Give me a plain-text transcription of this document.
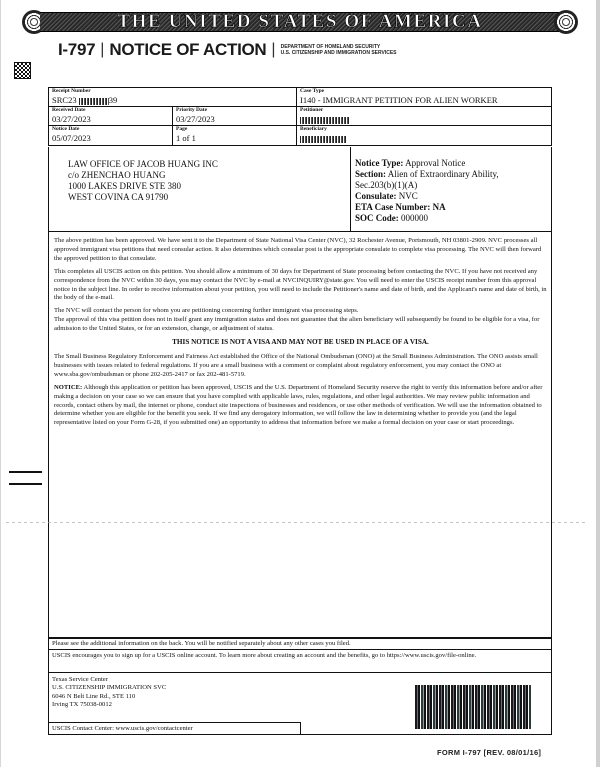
THE UNITED STATES OF AMERICA
I-797 | NOTICE OF ACTION | DEPARTMENT OF HOMELAND SECURITY
U.S. CITIZENSHIP AND IMMIGRATION SERVICES
Receipt Number
SRC23	39
Case Type
I140 - IMMIGRANT PETITION FOR ALIEN WORKER
Received Date
03/27/2023
Priority Date
03/27/2023
Petitioner
Notice Date
05/07/2023
Page
1 of 1
Beneficiary
LAW OFFICE OF JACOB HUANG INC
c/o ZHENCHAO HUANG
1000 LAKES DRIVE STE 380
WEST COVINA CA 91790
Notice Type: Approval Notice
Section: Alien of Extraordinary Ability,
Sec.203(b)(1)(A)
Consulate: NVC
ETA Case Number: NA
SOC Code: 000000

The above petition has been approved. We have sent it to the Department of State National Visa Center (NVC), 32 Rochester Avenue, Portsmouth, NH 03801-2909. NVC processes all approved immigrant visa petitions that need consular action. It also determines which consular post is the appropriate consulate to complete visa processing. The NVC will then forward the approved petition to that consulate.

This completes all USCIS action on this petition. You should allow a minimum of 30 days for Department of State processing before contacting the NVC. If you have not received any correspondence from the NVC within 30 days, you may contact the NVC by e-mail at NVCINQUIRY@state.gov. You will need to enter the USCIS receipt number from this approval notice in the subject line. In order to receive information about your petition, you will need to include the Petitioner's name and date of birth, and the Applicant's name and date of birth, in the body of the e-mail.

The NVC will contact the person for whom you are petitioning concerning further immigrant visa processing steps.

The approval of this visa petition does not in itself grant any immigration status and does not guarantee that the alien beneficiary will subsequently be found to be eligible for a visa, for admission to the United States, or for an extension, change, or adjustment of status.

THIS NOTICE IS NOT A VISA AND MAY NOT BE USED IN PLACE OF A VISA.

The Small Business Regulatory Enforcement and Fairness Act established the Office of the National Ombudsman (ONO) at the Small Business Administration. The ONO assists small businesses with issues related to federal regulations. If you are a small business with a comment or complaint about regulatory enforcement, you may contact the ONO at www.sba.gov/ombudsman or phone 202-205-2417 or fax 202-481-5719.

NOTICE: Although this application or petition has been approved, USCIS and the U.S. Department of Homeland Security reserve the right to verify this information before and/or after making a decision on your case so we can ensure that you have complied with applicable laws, rules, regulations, and other legal authorities. We may review public information and records, contact others by mail, the internet or phone, conduct site inspections of businesses and residences, or use other methods of verification. We will use the information obtained to determine whether you are eligible for the benefit you seek. If we find any derogatory information, we will follow the law in determining whether to provide you (and the legal representative listed on your Form G-28, if you submitted one) an opportunity to address that information before we make a formal decision on your case or start proceedings.

Please see the additional information on the back. You will be notified separately about any other cases you filed.
USCIS encourages you to sign up for a USCIS online account. To learn more about creating an account and the benefits, go to https://www.uscis.gov/file-online.
Texas Service Center
U.S. CITIZENSHIP IMMIGRATION SVC
6046 N Belt Line Rd., STE 110
Irving TX 75038-0012
USCIS Contact Center: www.uscis.gov/contactcenter
FORM I-797 [REV. 08/01/16]
